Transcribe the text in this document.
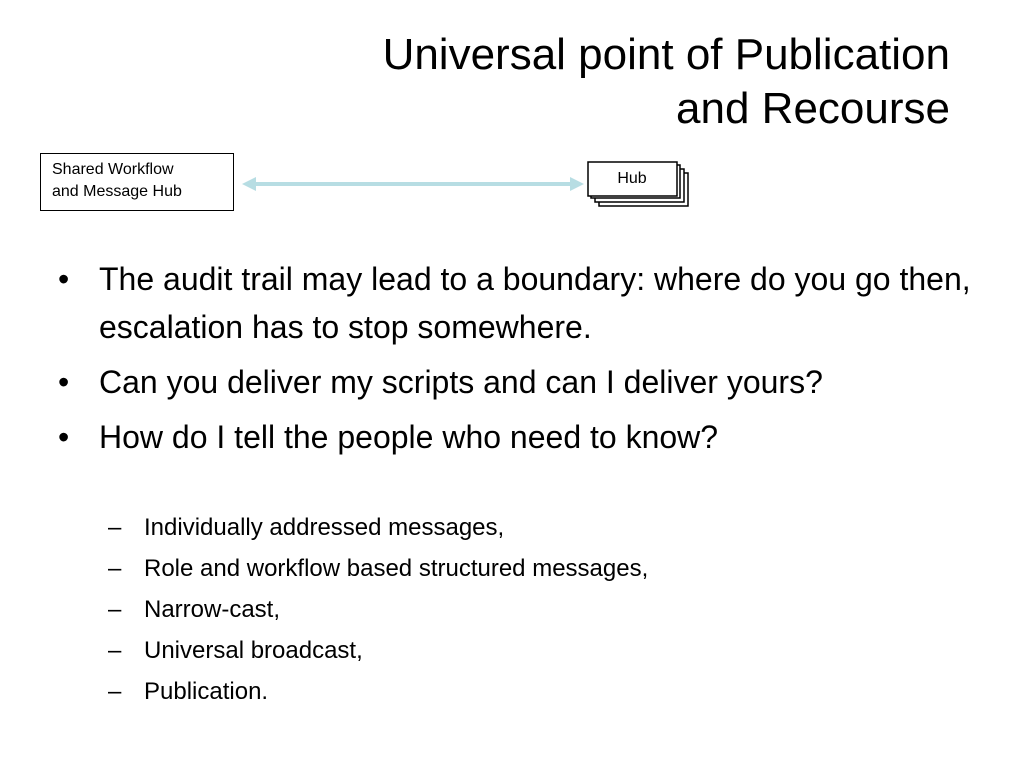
Universal point of Publication
and Recourse
Shared Workflow
and Message Hub
Hub
• The audit trail may lead to a boundary: where do you go then, escalation has to stop somewhere.
• Can you deliver my scripts and can I deliver yours?
• How do I tell the people who need to know?
– Individually addressed messages,
– Role and workflow based structured messages,
– Narrow-cast,
– Universal broadcast,
– Publication.
